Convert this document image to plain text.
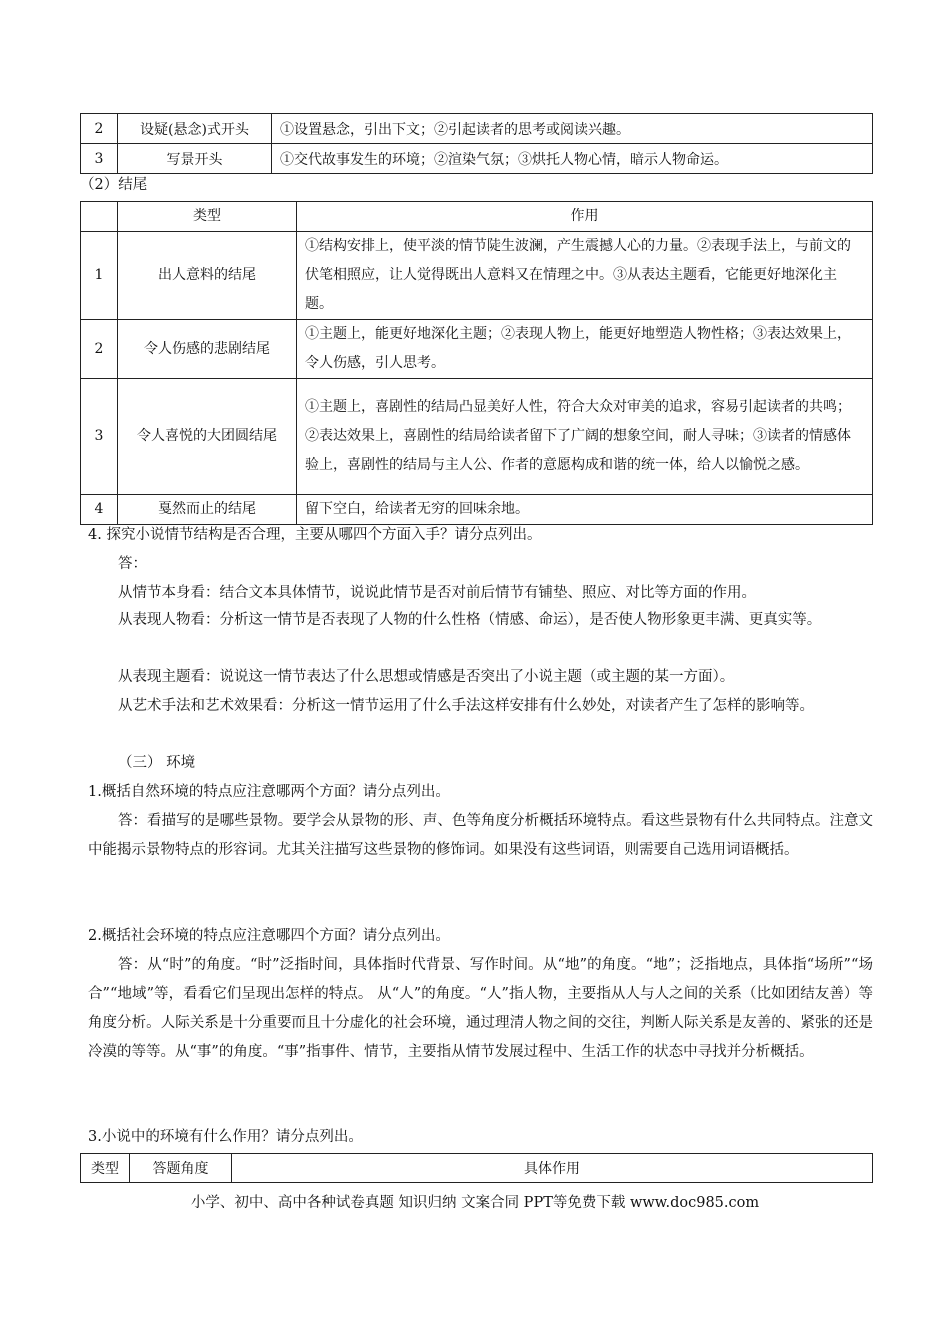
2	设疑(悬念)式开头	①设置悬念，引出下文；②引起读者的思考或阅读兴趣。
3	写景开头	①交代故事发生的环境；②渲染气氛；③烘托人物心情，暗示人物命运。
（2）结尾
	类型	作用
1	出人意料的结尾	①结构安排上，使平淡的情节陡生波澜，产生震撼人心的力量。②表现手法上，与前文的伏笔相照应，让人觉得既出人意料又在情理之中。③从表达主题看，它能更好地深化主题。
2	令人伤感的悲剧结尾	①主题上，能更好地深化主题；②表现人物上，能更好地塑造人物性格；③表达效果上，令人伤感，引人思考。
3	令人喜悦的大团圆结尾	①主题上，喜剧性的结局凸显美好人性，符合大众对审美的追求，容易引起读者的共鸣；②表达效果上，喜剧性的结局给读者留下了广阔的想象空间，耐人寻味；③读者的情感体验上，喜剧性的结局与主人公、作者的意愿构成和谐的统一体，给人以愉悦之感。
4	戛然而止的结尾	留下空白，给读者无穷的回味余地。
4. 探究小说情节结构是否合理，主要从哪四个方面入手？请分点列出。
答：
从情节本身看：结合文本具体情节，说说此情节是否对前后情节有铺垫、照应、对比等方面的作用。
从表现人物看：分析这一情节是否表现了人物的什么性格（情感、命运），是否使人物形象更丰满、更真实等。
从表现主题看：说说这一情节表达了什么思想或情感是否突出了小说主题（或主题的某一方面）。
从艺术手法和艺术效果看：分析这一情节运用了什么手法这样安排有什么妙处，对读者产生了怎样的影响等。
（三） 环境
1.概括自然环境的特点应注意哪两个方面？请分点列出。
答：看描写的是哪些景物。要学会从景物的形、声、色等角度分析概括环境特点。看这些景物有什么共同特点。注意文中能揭示景物特点的形容词。尤其关注描写这些景物的修饰词。如果没有这些词语，则需要自己选用词语概括。
2.概括社会环境的特点应注意哪四个方面？请分点列出。
答：从“时”的角度。“时”泛指时间，具体指时代背景、写作时间。从“地”的角度。“地”；泛指地点，具体指“场所”“场合”“地域”等，看看它们呈现出怎样的特点。 从“人”的角度。“人”指人物，主要指从人与人之间的关系（比如团结友善）等角度分析。人际关系是十分重要而且十分虚化的社会环境，通过理清人物之间的交往，判断人际关系是友善的、紧张的还是冷漠的等等。从“事”的角度。“事”指事件、情节，主要指从情节发展过程中、生活工作的状态中寻找并分析概括。
3.小说中的环境有什么作用？请分点列出。
类型	答题角度	具体作用
小学、初中、高中各种试卷真题 知识归纳 文案合同 PPT等免费下载 www.doc985.com
